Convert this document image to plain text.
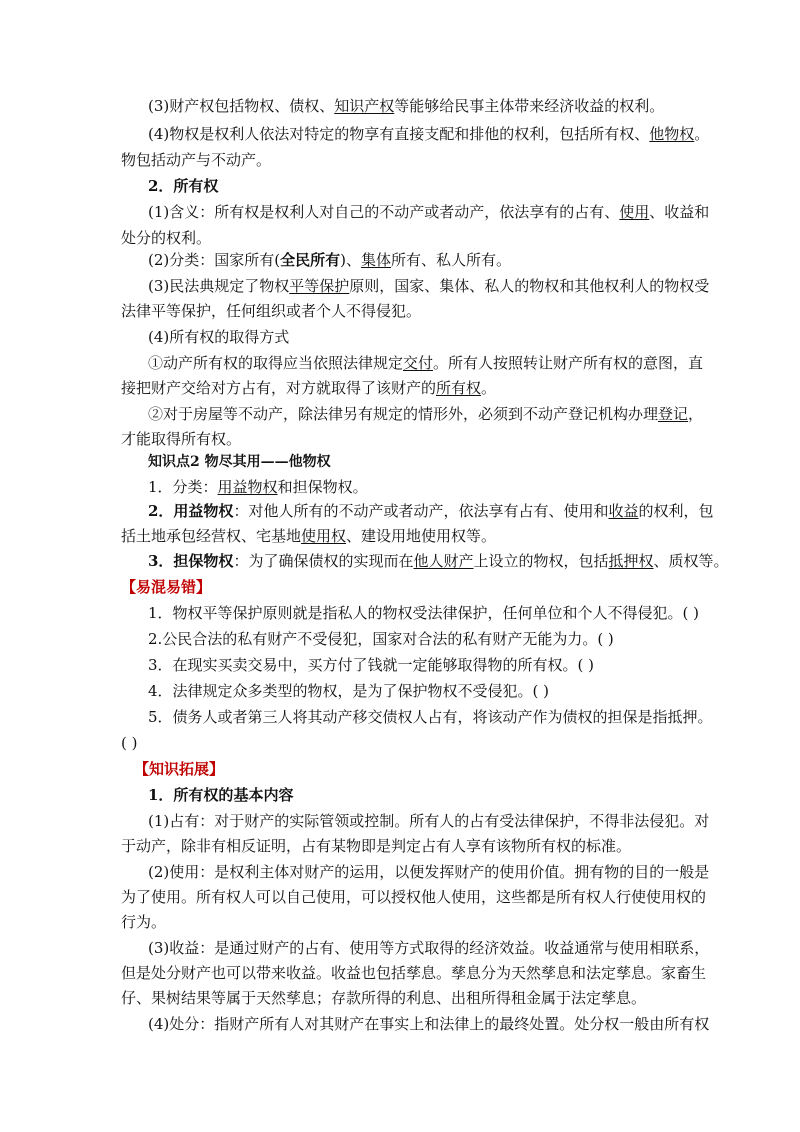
(3)财产权包括物权、债权、知识产权等能够给民事主体带来经济收益的权利。
(4)物权是权利人依法对特定的物享有直接支配和排他的权利，包括所有权、他物权。
物包括动产与不动产。
2．所有权
(1)含义：所有权是权利人对自己的不动产或者动产，依法享有的占有、使用、收益和
处分的权利。
(2)分类：国家所有(全民所有)、集体所有、私人所有。
(3)民法典规定了物权平等保护原则，国家、集体、私人的物权和其他权利人的物权受
法律平等保护，任何组织或者个人不得侵犯。
(4)所有权的取得方式
①动产所有权的取得应当依照法律规定交付。所有人按照转让财产所有权的意图，直
接把财产交给对方占有，对方就取得了该财产的所有权。
②对于房屋等不动产，除法律另有规定的情形外，必须到不动产登记机构办理登记，
才能取得所有权。
知识点2 物尽其用——他物权
1．分类：用益物权和担保物权。
2．用益物权：对他人所有的不动产或者动产，依法享有占有、使用和收益的权利，包
括土地承包经营权、宅基地使用权、建设用地使用权等。
3．担保物权：为了确保债权的实现而在他人财产上设立的物权，包括抵押权、质权等。
【易混易错】
1．物权平等保护原则就是指私人的物权受法律保护，任何单位和个人不得侵犯。( )
2.公民合法的私有财产不受侵犯，国家对合法的私有财产无能为力。( )
3．在现实买卖交易中，买方付了钱就一定能够取得物的所有权。( )
4．法律规定众多类型的物权，是为了保护物权不受侵犯。( )
5．债务人或者第三人将其动产移交债权人占有，将该动产作为债权的担保是指抵押。
( )
【知识拓展】
1．所有权的基本内容
(1)占有：对于财产的实际管领或控制。所有人的占有受法律保护，不得非法侵犯。对
于动产，除非有相反证明，占有某物即是判定占有人享有该物所有权的标准。
(2)使用：是权利主体对财产的运用，以便发挥财产的使用价值。拥有物的目的一般是
为了使用。所有权人可以自己使用，可以授权他人使用，这些都是所有权人行使使用权的
行为。
(3)收益：是通过财产的占有、使用等方式取得的经济效益。收益通常与使用相联系，
但是处分财产也可以带来收益。收益也包括孳息。孳息分为天然孳息和法定孳息。家畜生
仔、果树结果等属于天然孳息；存款所得的利息、出租所得租金属于法定孳息。
(4)处分：指财产所有人对其财产在事实上和法律上的最终处置。处分权一般由所有权
